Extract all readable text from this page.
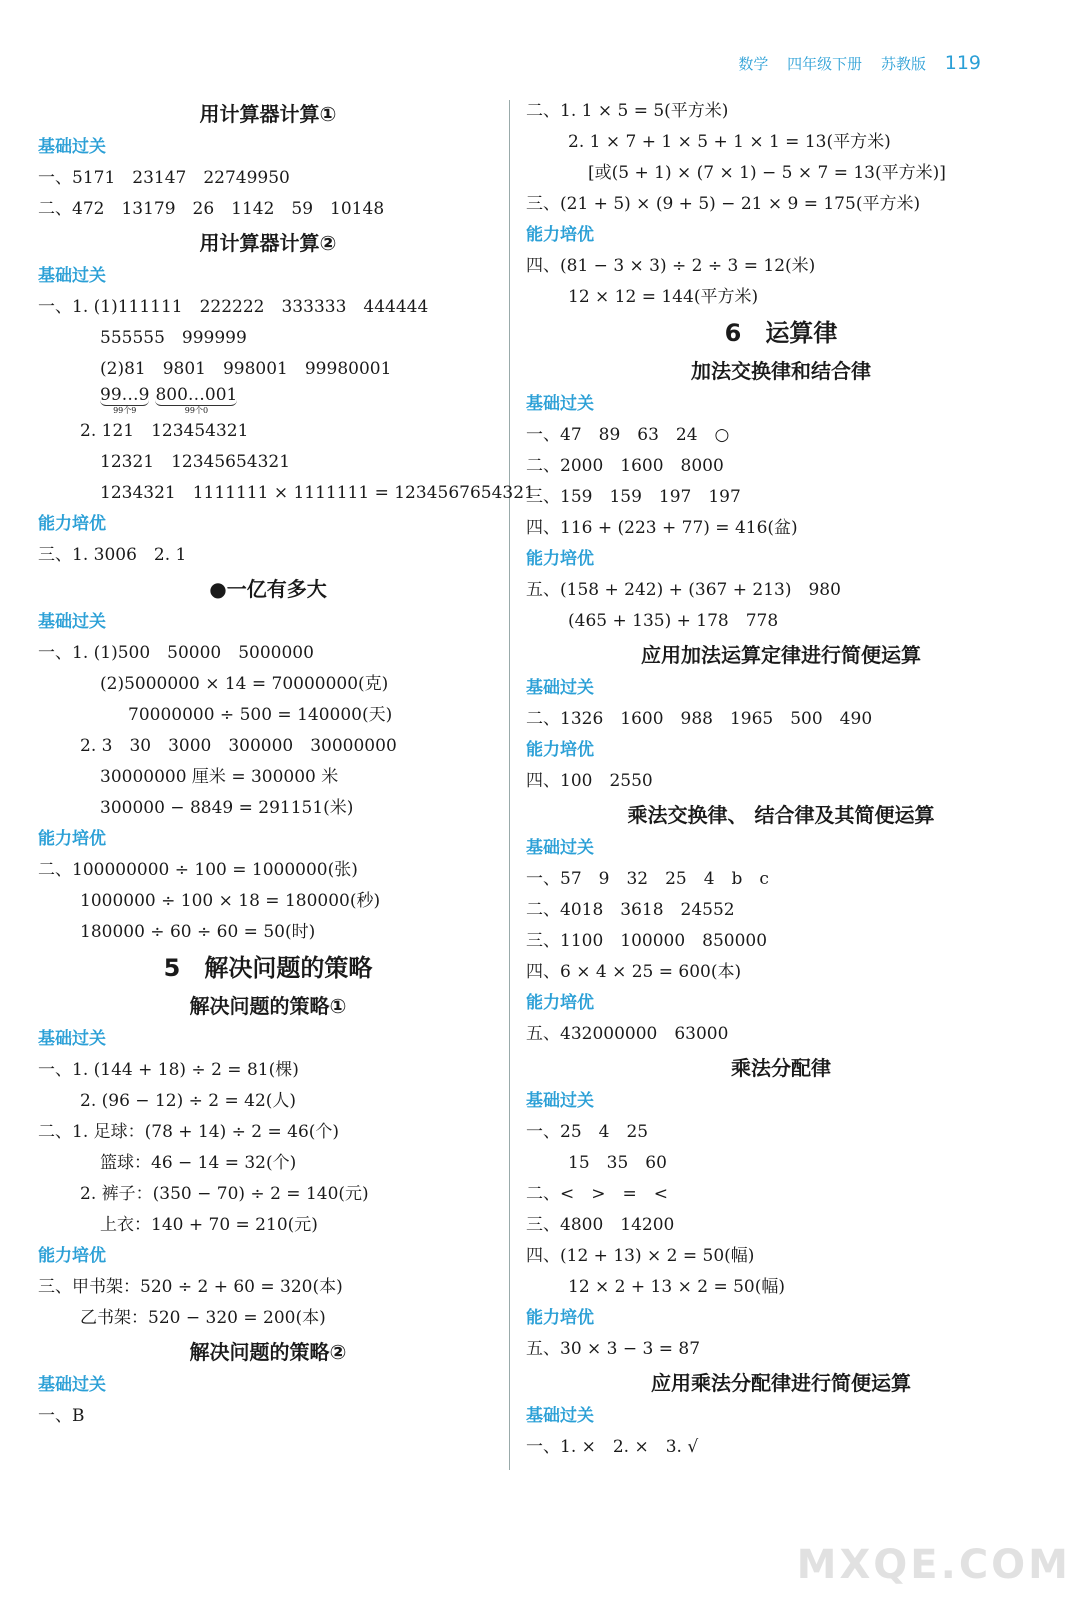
数学 四年级下册 苏教版 119
用计算器计算①
基础过关
一、5171　23147　22749950
二、472　13179　26　1142　59　10148
用计算器计算②
基础过关
一、1. (1)111111　222222　333333　444444
555555　999999
(2)81　9801　998001　99980001
99…9
99个9
800…001
99个0
2. 121　123454321
12321　12345654321
1234321　1111111 × 1111111 = 1234567654321
能力培优
三、1. 3006　2. 1
●一亿有多大
基础过关
一、1. (1)500　50000　5000000
(2)5000000 × 14 = 70000000(克)
70000000 ÷ 500 = 140000(天)
2. 3　30　3000　300000　30000000
30000000 厘米 = 300000 米
300000 − 8849 = 291151(米)
能力培优
二、100000000 ÷ 100 = 1000000(张)
1000000 ÷ 100 × 18 = 180000(秒)
180000 ÷ 60 ÷ 60 = 50(时)
5　解决问题的策略
解决问题的策略①
基础过关
一、1. (144 + 18) ÷ 2 = 81(棵)
2. (96 − 12) ÷ 2 = 42(人)
二、1. 足球：(78 + 14) ÷ 2 = 46(个)
篮球：46 − 14 = 32(个)
2. 裤子：(350 − 70) ÷ 2 = 140(元)
上衣：140 + 70 = 210(元)
能力培优
三、甲书架：520 ÷ 2 + 60 = 320(本)
乙书架：520 − 320 = 200(本)
解决问题的策略②
基础过关
一、B
二、1. 1 × 5 = 5(平方米)
2. 1 × 7 + 1 × 5 + 1 × 1 = 13(平方米)
[或(5 + 1) × (7 × 1) − 5 × 7 = 13(平方米)]
三、(21 + 5) × (9 + 5) − 21 × 9 = 175(平方米)
能力培优
四、(81 − 3 × 3) ÷ 2 ÷ 3 = 12(米)
12 × 12 = 144(平方米)
6　运算律
加法交换律和结合律
基础过关
一、47　89　63　24　○
二、2000　1600　8000
三、159　159　197　197
四、116 + (223 + 77) = 416(盆)
能力培优
五、(158 + 242) + (367 + 213)　980
(465 + 135) + 178　778
应用加法运算定律进行简便运算
基础过关
二、1326　1600　988　1965　500　490
能力培优
四、100　2550
乘法交换律、 结合律及其简便运算
基础过关
一、57　9　32　25　4　b　c
二、4018　3618　24552
三、1100　100000　850000
四、6 × 4 × 25 = 600(本)
能力培优
五、432000000　63000
乘法分配律
基础过关
一、25　4　25
15　35　60
二、<　>　=　<
三、4800　14200
四、(12 + 13) × 2 = 50(幅)
12 × 2 + 13 × 2 = 50(幅)
能力培优
五、30 × 3 − 3 = 87
应用乘法分配律进行简便运算
基础过关
一、1. ×　2. ×　3. √
MXQE.COM
